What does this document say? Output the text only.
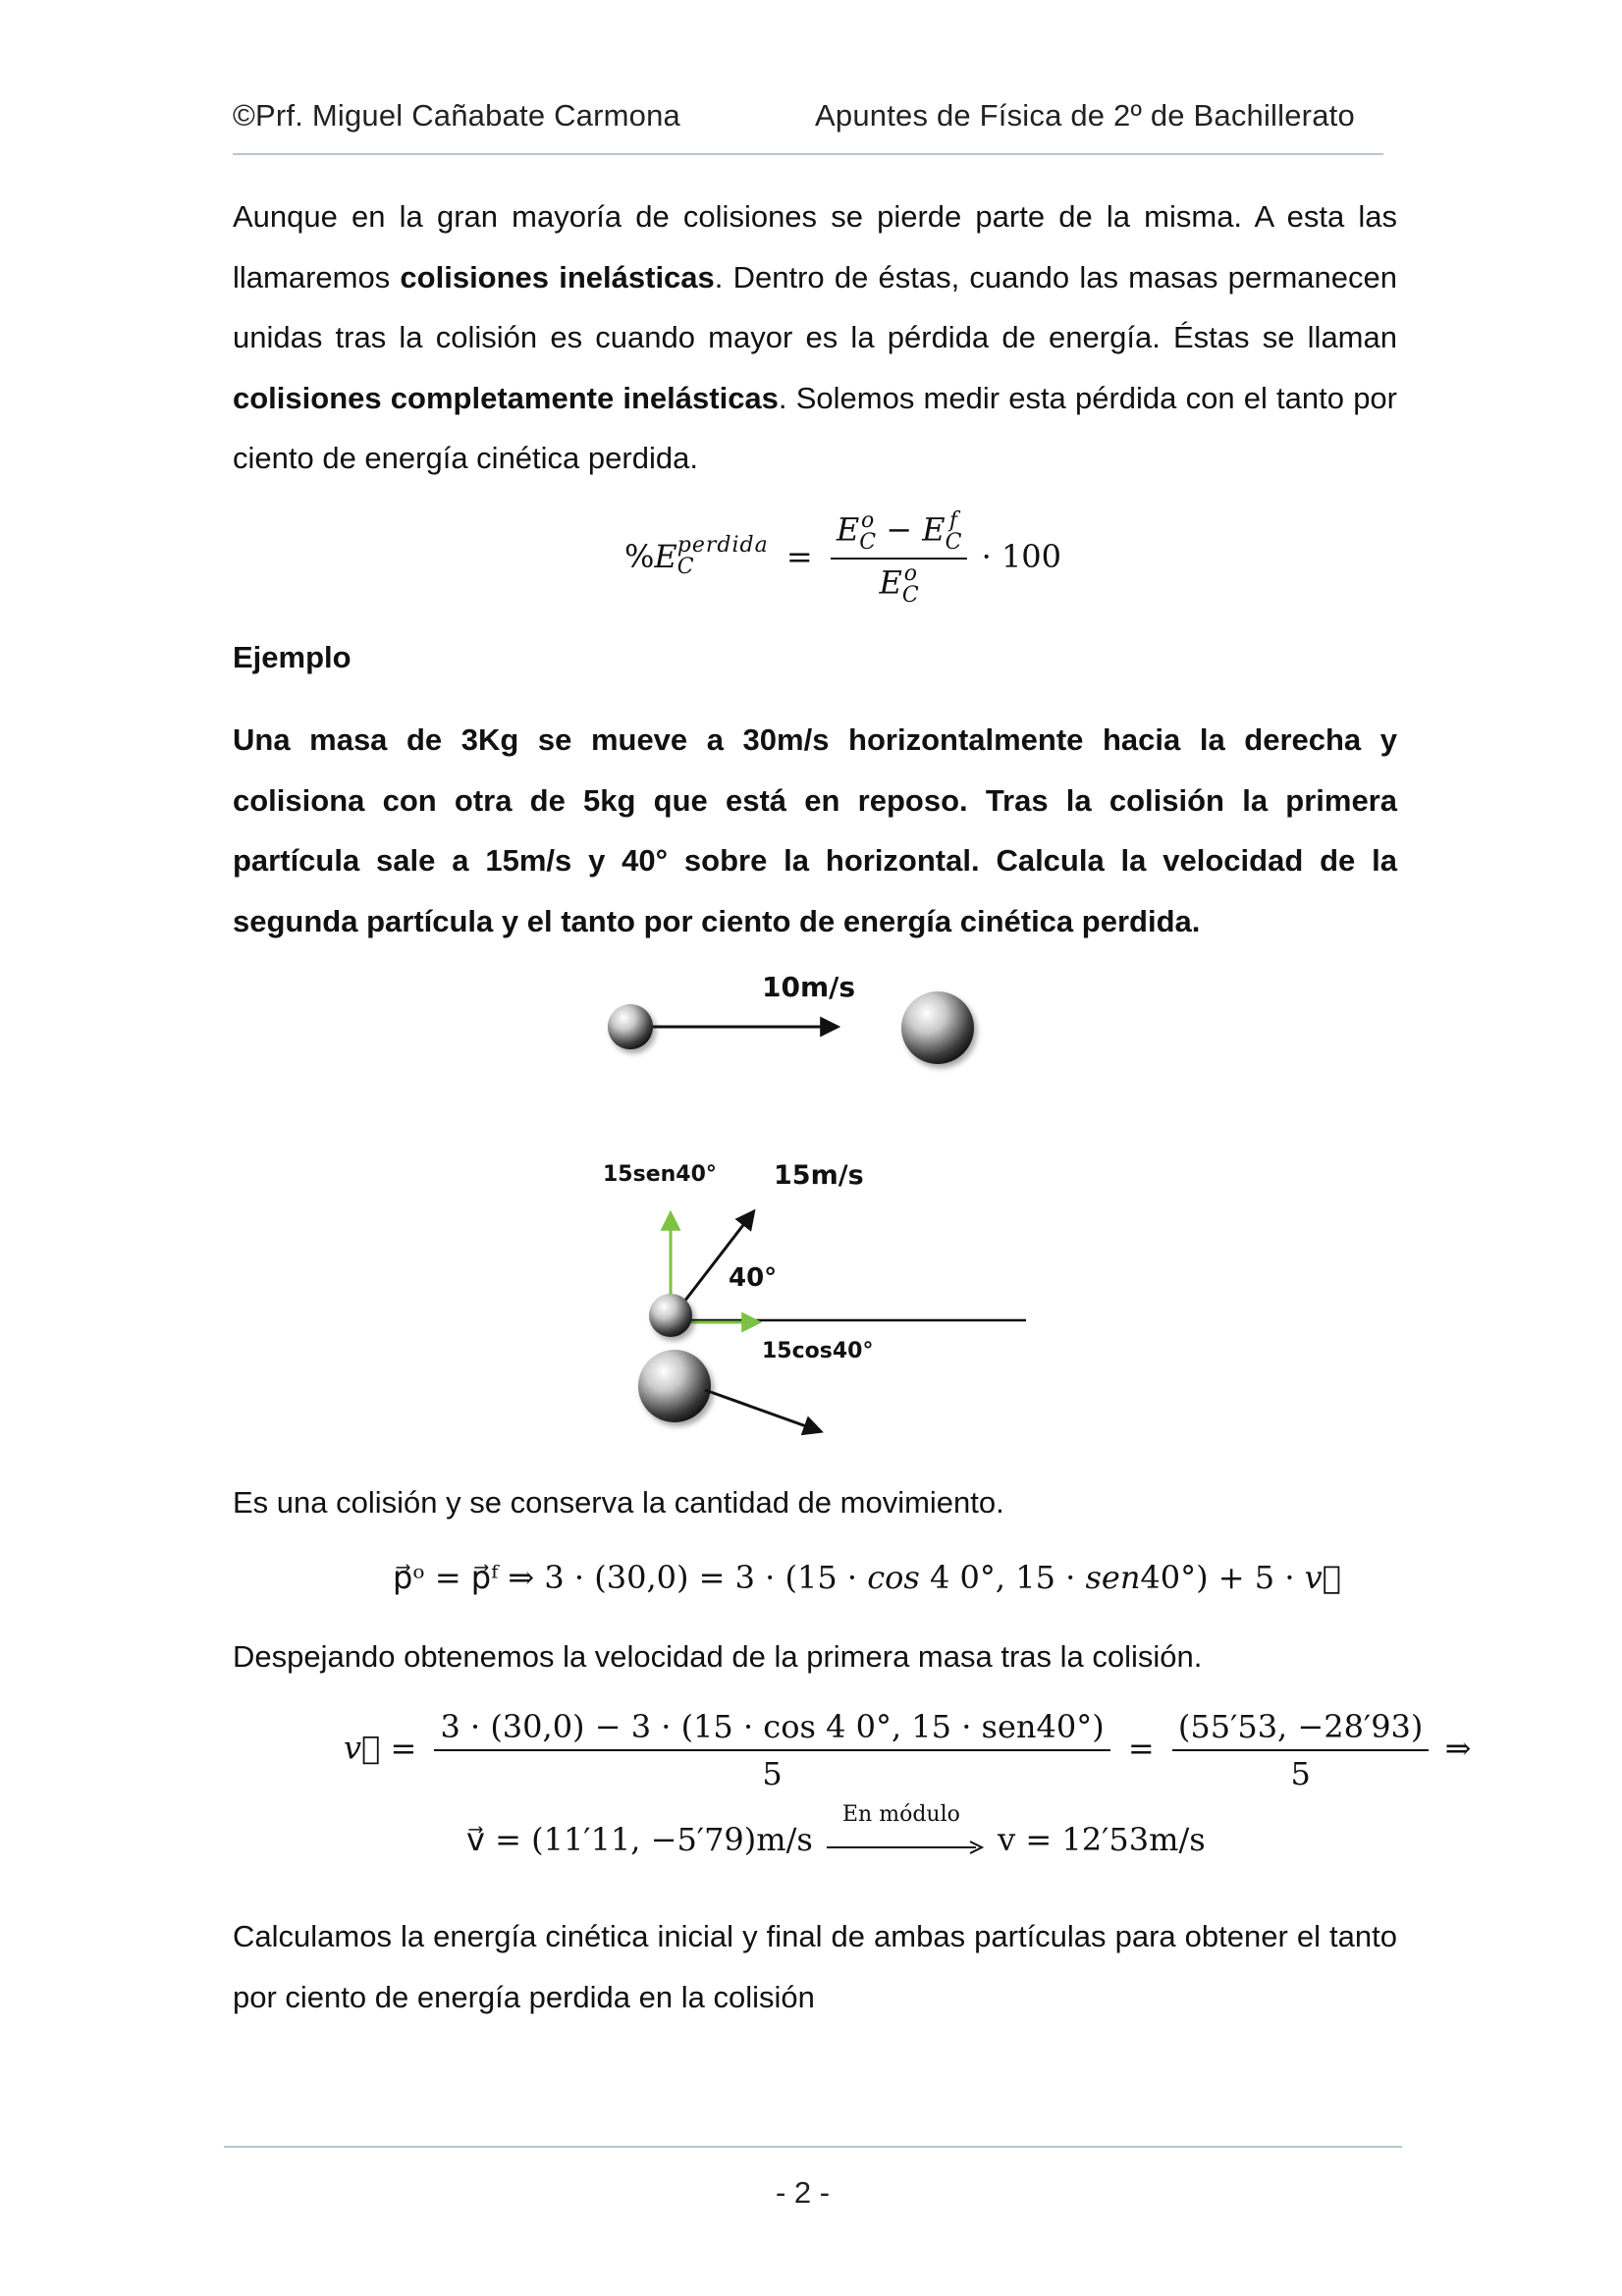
©Prf. Miguel Cañabate Carmona	Apuntes de Física de 2º de Bachillerato
Aunque en la gran mayoría de colisiones se pierde parte de la misma. A esta las llamaremos colisiones inelásticas. Dentro de éstas, cuando las masas permanecen unidas tras la colisión es cuando mayor es la pérdida de energía. Éstas se llaman colisiones completamente inelásticas. Solemos medir esta pérdida con el tanto por ciento de energía cinética perdida.
%E perdida
C	= E o
C − E f
C
E o
C · 100
Ejemplo
Una masa de 3Kg se mueve a 30m/s horizontalmente hacia la derecha y colisiona con otra de 5kg que está en reposo. Tras la colisión la primera partícula sale a 15m/s y 40° sobre la horizontal. Calcula la velocidad de la segunda partícula y el tanto por ciento de energía cinética perdida.
10m/s
15sen40° 15m/s
40°
15cos40°
Es una colisión y se conserva la cantidad de movimiento.
p⃗ᵒ = p⃗ᶠ ⇒ 3 · (30,0) = 3 · (15 · cos 4 0°, 15 · sen40°) + 5 · v⃗
Despejando obtenemos la velocidad de la primera masa tras la colisión.
v⃗ = $\frac{\text{3 · (30,0) − 3 · (15 · cos 4 0°, 15 · sen40°)}}{5} = \frac{(55'53, -28'93)}{5}$ ⇒
v⃗ = (11′11, −5′79)m/s
En módulo
v = 12′53m/s
Calculamos la energía cinética inicial y final de ambas partículas para obtener el tanto por ciento de energía perdida en la colisión
- 2 -
